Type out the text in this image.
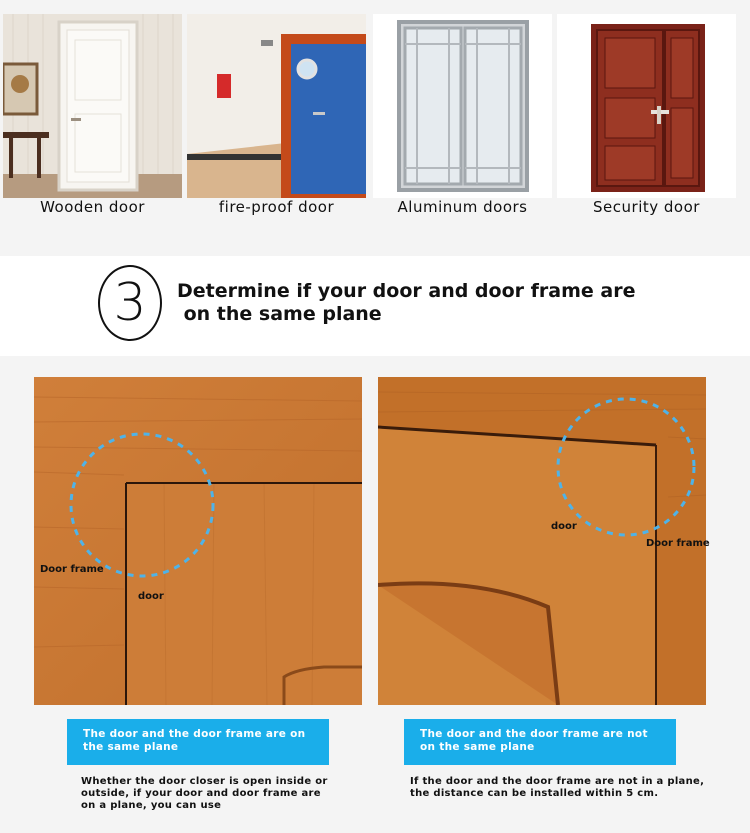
Wooden door	fire-proof door	Aluminum doors	Security door
3	Determine if your door and door frame are
on the same plane
Door frame
door
door
Door frame
The door and the door frame are on the same plane
The door and the door frame are not on the same plane
Whether the door closer is open inside or outside, if your door and door frame are on a plane, you can use
If the door and the door frame are not in a plane, the distance can be installed within 5 cm.
